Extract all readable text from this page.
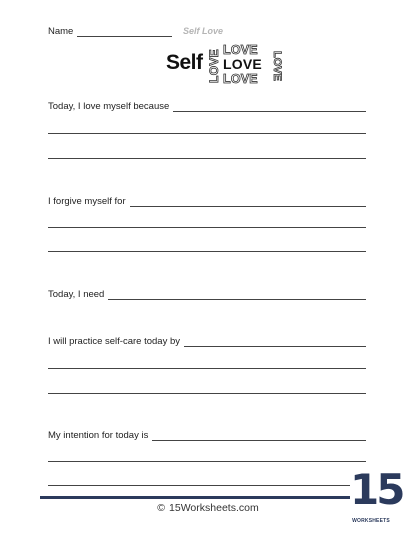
Name	Self Love
Self LOVE LOVE
LOVE
LOVE LOVE
Today, I love myself because
I forgive myself for
Today, I need
I will practice self-care today by
My intention for today is
© 15Worksheets.com	15
WORKSHEETS
